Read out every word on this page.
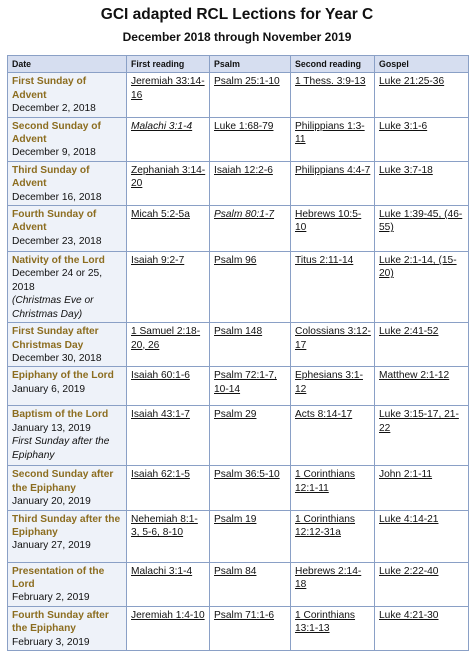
GCI adapted RCL Lections for Year C
December 2018 through November 2019
Date	First reading	Psalm	Second reading	Gospel

First Sunday of Advent
December 2, 2018	Jeremiah 33:14-16	Psalm 25:1-10	1 Thess. 3:9-13	Luke 21:25-36

Second Sunday of Advent
December 9, 2018	Malachi 3:1-4	Luke 1:68-79	Philippians 1:3-11	Luke 3:1-6

Third Sunday of Advent
December 16, 2018	Zephaniah 3:14-20	Isaiah 12:2-6	Philippians 4:4-7	Luke 3:7-18

Fourth Sunday of Advent
December 23, 2018	Micah 5:2-5a	Psalm 80:1-7	Hebrews 10:5-10	Luke 1:39-45, (46-55)

Nativity of the Lord
December 24 or 25, 2018
(Christmas Eve or Christmas Day)	Isaiah 9:2-7	Psalm 96	Titus 2:11-14	Luke 2:1-14, (15-20)

First Sunday after Christmas Day
December 30, 2018	1 Samuel 2:18-20, 26	Psalm 148	Colossians 3:12-17	Luke 2:41-52

Epiphany of the Lord
January 6, 2019	Isaiah 60:1-6	Psalm 72:1-7, 10-14	Ephesians 3:1-12	Matthew 2:1-12

Baptism of the Lord
January 13, 2019
First Sunday after the Epiphany	Isaiah 43:1-7	Psalm 29	Acts 8:14-17	Luke 3:15-17, 21-22

Second Sunday after the Epiphany
January 20, 2019	Isaiah 62:1-5	Psalm 36:5-10	1 Corinthians 12:1-11	John 2:1-11

Third Sunday after the Epiphany
January 27, 2019	Nehemiah 8:1-3, 5-6, 8-10	Psalm 19	1 Corinthians 12:12-31a	Luke 4:14-21

Presentation of the Lord
February 2, 2019	Malachi 3:1-4	Psalm 84	Hebrews 2:14-18	Luke 2:22-40

Fourth Sunday after the Epiphany
February 3, 2019	Jeremiah 1:4-10	Psalm 71:1-6	1 Corinthians 13:1-13	Luke 4:21-30
